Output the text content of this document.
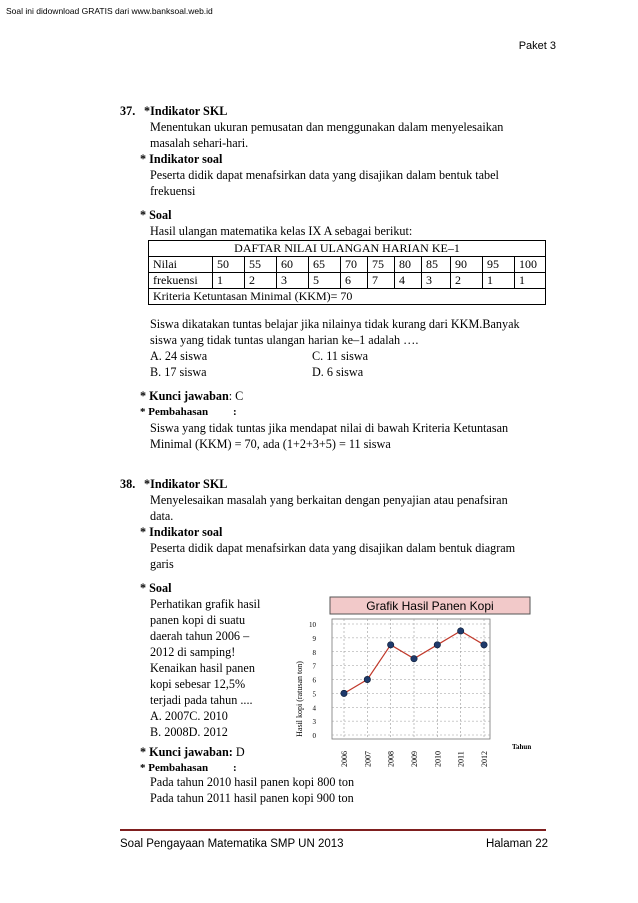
Soal ini didownload GRATIS dari www.banksoal.web.id
Paket 3
37. *Indikator SKL
Menentukan ukuran pemusatan dan menggunakan dalam menyelesaikan
masalah sehari-hari.
* Indikator soal
Peserta didik dapat menafsirkan data yang disajikan dalam bentuk tabel
frekuensi
* Soal
Hasil ulangan matematika kelas IX A sebagai berikut:
DAFTAR NILAI ULANGAN HARIAN KE–1											
Nilai	50	55	60	65	70	75	80	85	90	95	100
frekuensi	1	2	3	5	6	7	4	3	2	1	1
Kriteria Ketuntasan Minimal (KKM)= 70											
Siswa dikatakan tuntas belajar jika nilainya tidak kurang dari KKM.Banyak
siswa yang tidak tuntas ulangan harian ke–1 adalah ….
A. 24 siswa	C. 11 siswa
B. 17 siswa	D. 6 siswa
* Kunci jawaban: C
* Pembahasan :
Siswa yang tidak tuntas jika mendapat nilai di bawah Kriteria Ketuntasan
Minimal (KKM) = 70, ada (1+2+3+5) = 11 siswa
38. *Indikator SKL
Menyelesaikan masalah yang berkaitan dengan penyajian atau penafsiran
data.
* Indikator soal
Peserta didik dapat menafsirkan data yang disajikan dalam bentuk diagram
garis
* Soal
Perhatikan grafik hasil
panen kopi di suatu
daerah tahun 2006 –
2012 di samping!
Kenaikan hasil panen
kopi sebesar 12,5%
terjadi pada tahun ....
A. 2007C. 2010
B. 2008D. 2012
Grafik Hasil Panen Kopi
Hasil kopi (ratusan ton)
Tahun
0
3
4
5
6
7
8
9
10
2006 2007 2008 2009 2010 2011 2012
* Kunci jawaban: D
* Pembahasan :
Pada tahun 2010 hasil panen kopi 800 ton
Pada tahun 2011 hasil panen kopi 900 ton
Soal Pengayaan Matematika SMP UN 2013	Halaman 22
